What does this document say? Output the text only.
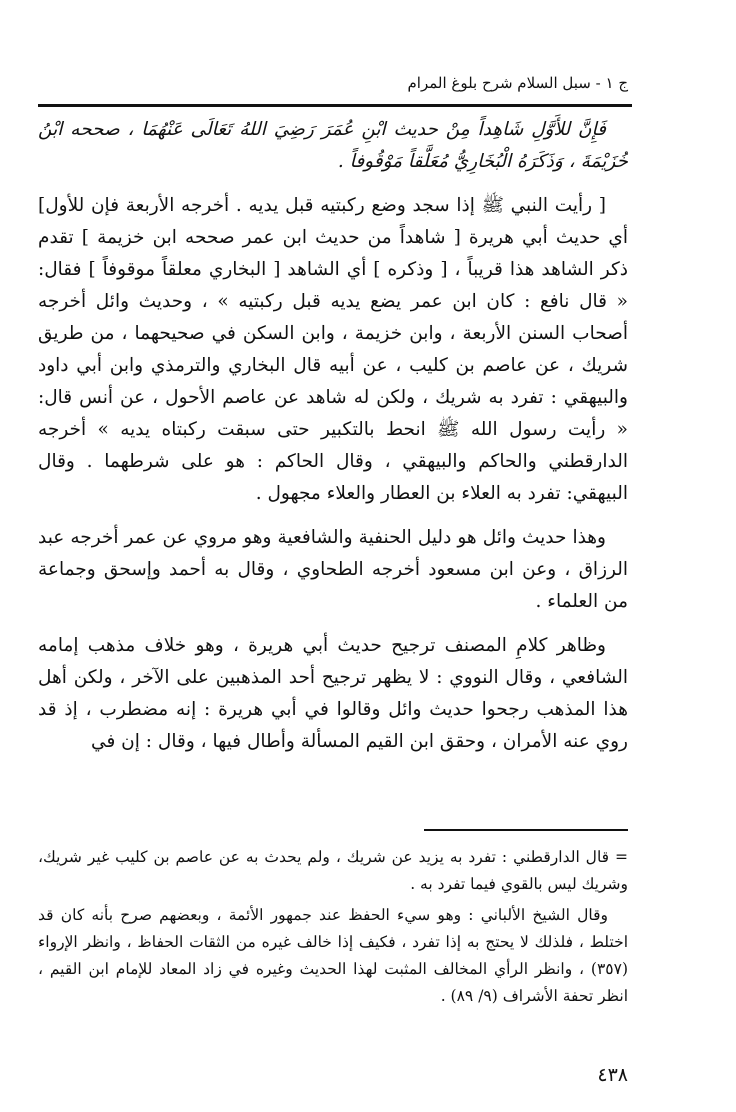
ج ١ - سبل السلام شرح بلوغ المرام

فَإِنَّ للأَوَّلِ شَاهِداً مِنْ حديث ابْنِ عُمَرَ رَضِيَ اللهُ تَعَالَى عَنْهُمَا ، صححه ابْنُ خُزَيْمَةَ ، وَذَكَرَهُ الْبُخَارِيُّ مُعَلَّقاً مَوْقُوفاً .

[ رأيت النبي ﷺ إذا سجد وضع ركبتيه قبل يديه . أخرجه الأربعة فإن للأول] أي حديث أبي هريرة [ شاهداً من حديث ابن عمر صححه ابن خزيمة ] تقدم ذكر الشاهد هذا قريباً ، [ وذكره ] أي الشاهد [ البخاري معلقاً موقوفاً ] فقال: « قال نافع : كان ابن عمر يضع يديه قبل ركبتيه » ، وحديث وائل أخرجه أصحاب السنن الأربعة ، وابن خزيمة ، وابن السكن في صحيحهما ، من طريق شريك ، عن عاصم بن كليب ، عن أبيه قال البخاري والترمذي وابن أبي داود والبيهقي : تفرد به شريك ، ولكن له شاهد عن عاصم الأحول ، عن أنس قال: « رأيت رسول الله ﷺ انحط بالتكبير حتى سبقت ركبتاه يديه » أخرجه الدارقطني والحاكم والبيهقي ، وقال الحاكم : هو على شرطهما . وقال البيهقي: تفرد به العلاء بن العطار والعلاء مجهول .

وهذا حديث وائل هو دليل الحنفية والشافعية وهو مروي عن عمر أخرجه عبد الرزاق ، وعن ابن مسعود أخرجه الطحاوي ، وقال به أحمد وإسحق وجماعة من العلماء .

وظاهر كلامِ المصنف ترجيح حديث أبي هريرة ، وهو خلاف مذهب إمامه الشافعي ، وقال النووي : لا يظهر ترجيح أحد المذهبين على الآخر ، ولكن أهل هذا المذهب رجحوا حديث وائل وقالوا في أبي هريرة : إنه مضطرب ، إذ قد روي عنه الأمران ، وحقق ابن القيم المسألة وأطال فيها ، وقال : إن في

= قال الدارقطني : تفرد به يزيد عن شريك ، ولم يحدث به عن عاصم بن كليب غير شريك، وشريك ليس بالقوي فيما تفرد به .

وقال الشيخ الألباني : وهو سيء الحفظ عند جمهور الأئمة ، وبعضهم صرح بأنه كان قد اختلط ، فلذلك لا يحتج به إذا تفرد ، فكيف إذا خالف غيره من الثقات الحفاظ ، وانظر الإرواء (٣٥٧) ، وانظر الرأي المخالف المثبت لهذا الحديث وغيره في زاد المعاد للإمام ابن القيم ، انظر تحفة الأشراف (٩/ ٨٩) .

٤٣٨
